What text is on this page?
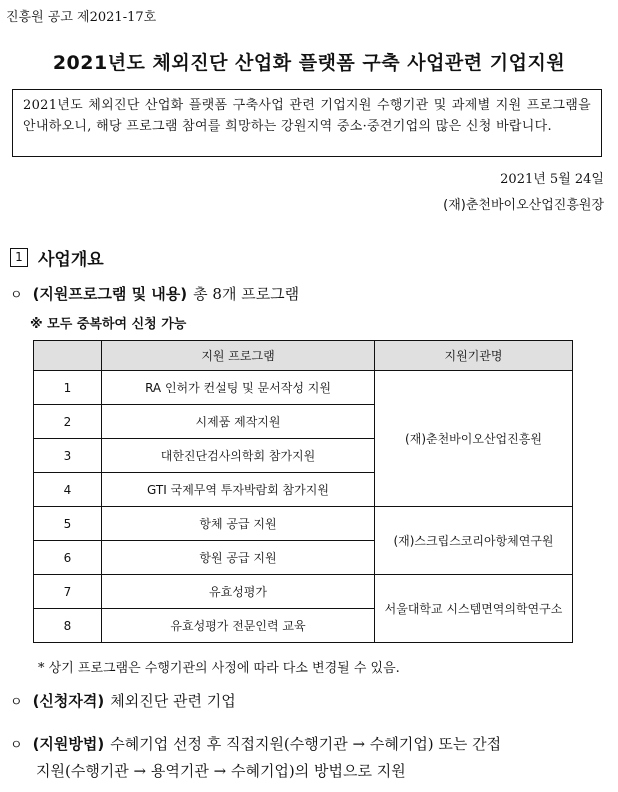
진흥원 공고 제2021-17호
2021년도 체외진단 산업화 플랫폼 구축 사업관련 기업지원
2021년도 체외진단 산업화 플랫폼 구축사업 관련 기업지원 수행기관 및 과제별 지원 프로그램을 안내하오니, 해당 프로그램 참여를 희망하는 강원지역 중소·중견기업의 많은 신청 바랍니다.
2021년 5월 24일
(재)춘천바이오산업진흥원장
1 사업개요
ㅇ (지원프로그램 및 내용) 총 8개 프로그램
※ 모두 중복하여 신청 가능
	지원 프로그램	지원기관명
1	RA 인허가 컨설팅 및 문서작성 지원	(재)춘천바이오산업진흥원
2	시제품 제작지원	
3	대한진단검사의학회 참가지원	
4	GTI 국제무역 투자박람회 참가지원	
5	항체 공급 지원	(재)스크립스코리아항체연구원
6	항원 공급 지원	
7	유효성평가	서울대학교 시스템면역의학연구소
8	유효성평가 전문인력 교육	
* 상기 프로그램은 수행기관의 사정에 따라 다소 변경될 수 있음.
ㅇ (신청자격) 체외진단 관련 기업
ㅇ (지원방법) 수혜기업 선정 후 직접지원(수행기관 → 수혜기업) 또는 간접
지원(수행기관 → 용역기관 → 수혜기업)의 방법으로 지원
